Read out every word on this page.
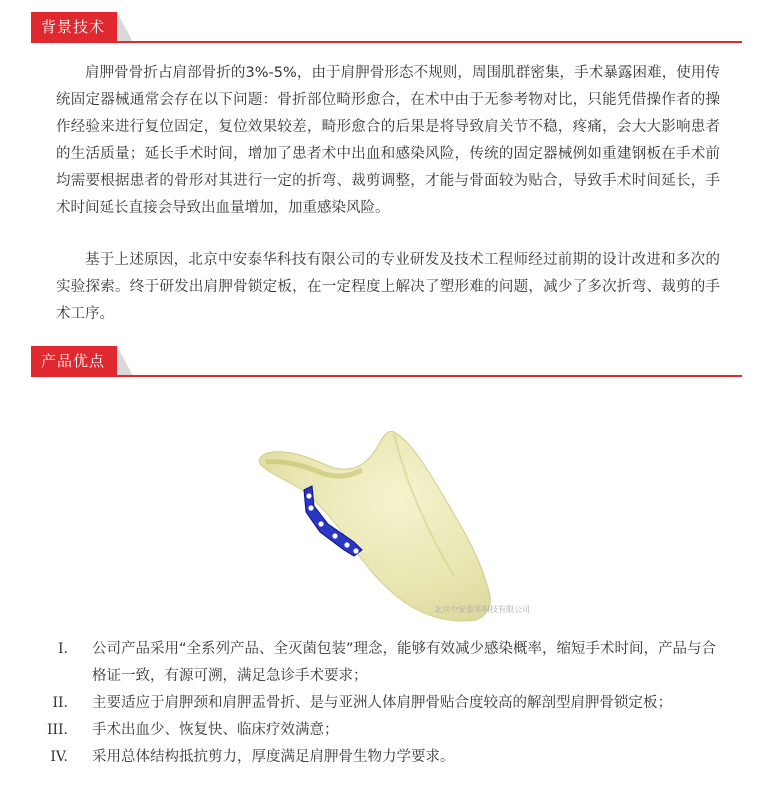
背景技术

肩胛骨骨折占肩部骨折的3%-5%，由于肩胛骨形态不规则，周围肌群密集，手术暴露困难，使用传统固定器械通常会存在以下问题：骨折部位畸形愈合，在术中由于无参考物对比，只能凭借操作者的操作经验来进行复位固定，复位效果较差，畸形愈合的后果是将导致肩关节不稳，疼痛，会大大影响患者的生活质量；延长手术时间，增加了患者术中出血和感染风险，传统的固定器械例如重建钢板在手术前均需要根据患者的骨形对其进行一定的折弯、裁剪调整，才能与骨面较为贴合，导致手术时间延长，手术时间延长直接会导致出血量增加，加重感染风险。

基于上述原因，北京中安泰华科技有限公司的专业研发及技术工程师经过前期的设计改进和多次的实验探索。终于研发出肩胛骨锁定板，在一定程度上解决了塑形难的问题，减少了多次折弯、裁剪的手术工序。

产品优点
北京中安泰华科技有限公司
I. 公司产品采用“全系列产品、全灭菌包装”理念，能够有效减少感染概率，缩短手术时间，产品与合格证一致，有源可溯，满足急诊手术要求；
II. 主要适应于肩胛颈和肩胛盂骨折、是与亚洲人体肩胛骨贴合度较高的解剖型肩胛骨锁定板；
III. 手术出血少、恢复快、临床疗效满意；
IV. 采用总体结构抵抗剪力，厚度满足肩胛骨生物力学要求。
